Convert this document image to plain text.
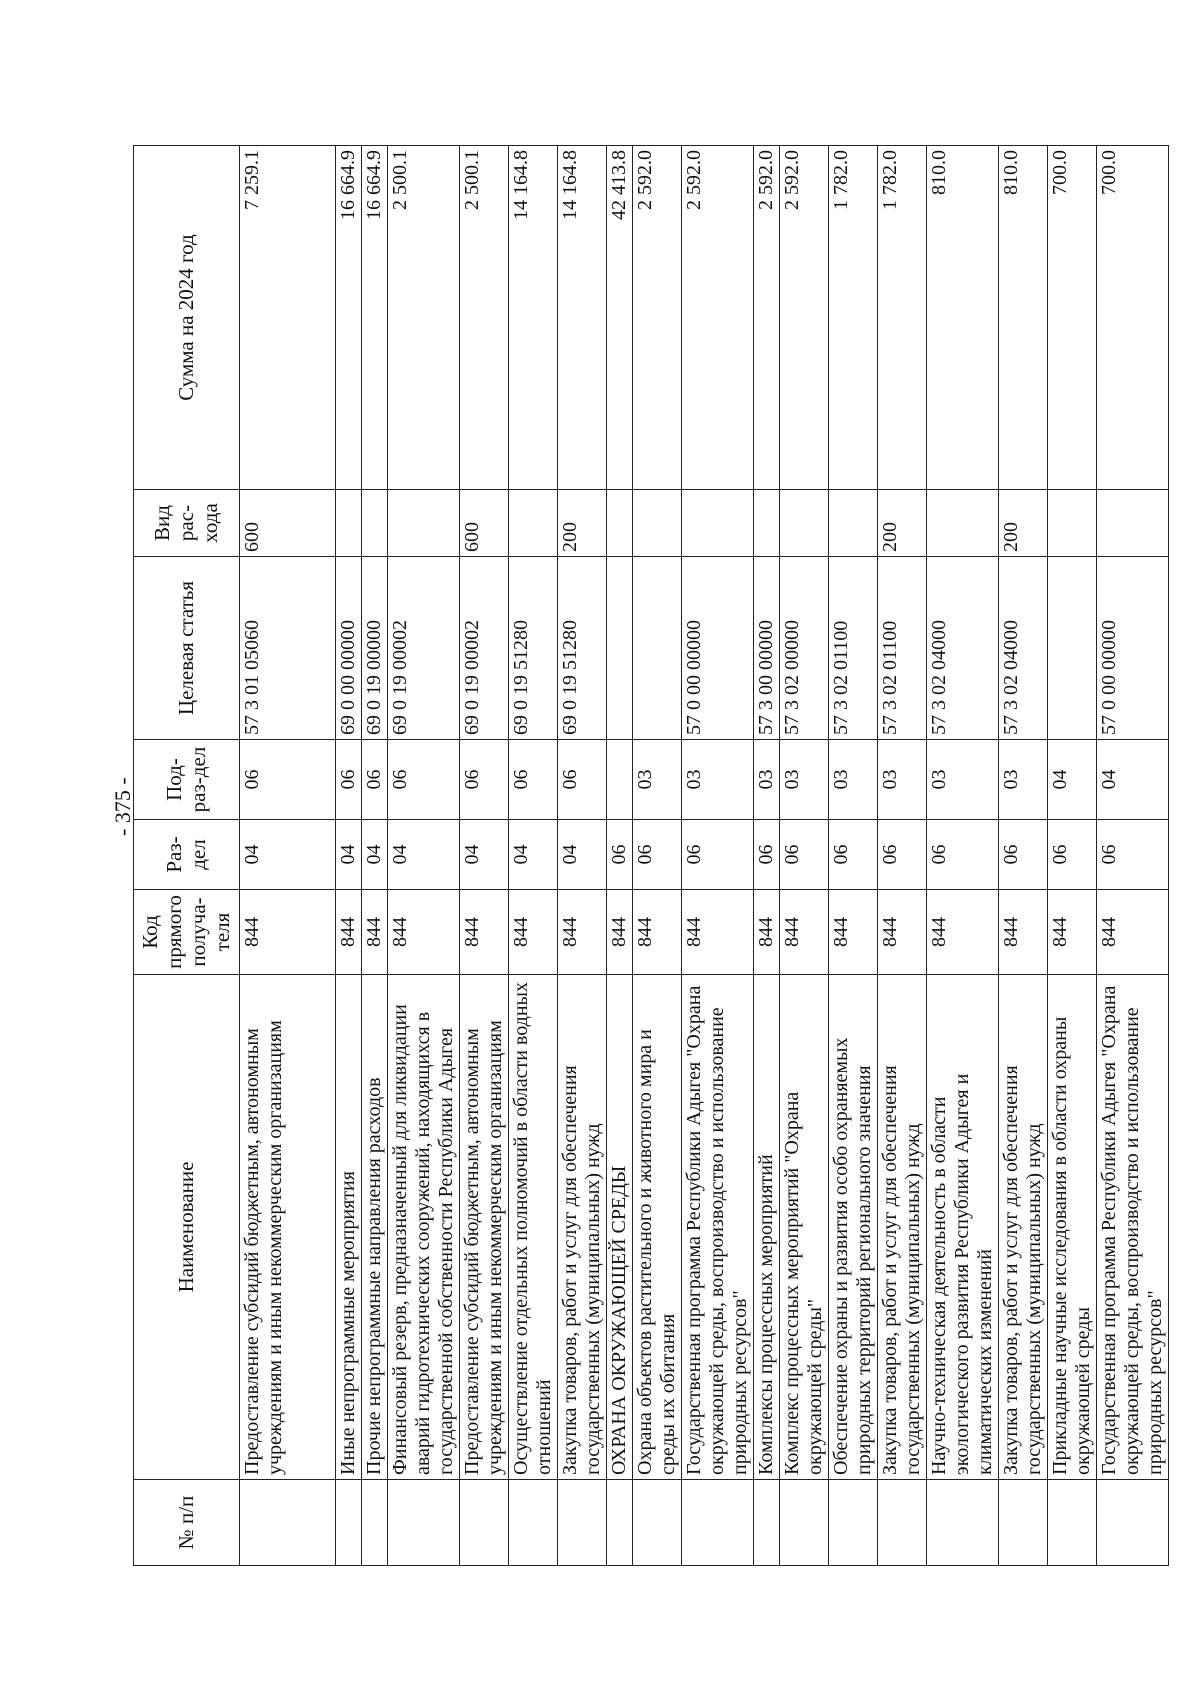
- 375 -
№ п/п	Наименование	Код прямого получа-теля	Раз-дел	Под-раз-дел	Целевая статья	Вид рас-хода	Сумма на 2024 год
	Предоставление субсидий бюджетным, автономным учреждениям и иным некоммерческим организациям	844	04	06	57 3 01 05060	600	7 259.1
	Иные непрограммные мероприятия	844	04	06	69 0 00 00000		16 664.9
	Прочие непрограммные направления расходов	844	04	06	69 0 19 00000		16 664.9
	Финансовый резерв, предназначенный для ликвидации аварий гидротехнических сооружений, находящихся в государственной собственности Республики Адыгея	844	04	06	69 0 19 00002		2 500.1
	Предоставление субсидий бюджетным, автономным учреждениям и иным некоммерческим организациям	844	04	06	69 0 19 00002	600	2 500.1
	Осуществление отдельных полномочий в области водных отношений	844	04	06	69 0 19 51280		14 164.8
	Закупка товаров, работ и услуг для обеспечения государственных (муниципальных) нужд	844	04	06	69 0 19 51280	200	14 164.8
	ОХРАНА ОКРУЖАЮЩЕЙ СРЕДЫ	844	06				42 413.8
	Охрана объектов растительного и животного мира и среды их обитания	844	06	03			2 592.0
	Государственная программа Республики Адыгея "Охрана окружающей среды, воспроизводство и использование природных ресурсов"	844	06	03	57 0 00 00000		2 592.0
	Комплексы процессных мероприятий	844	06	03	57 3 00 00000		2 592.0
	Комплекс процессных мероприятий "Охрана окружающей среды"	844	06	03	57 3 02 00000		2 592.0
	Обеспечение охраны и развития особо охраняемых природных территорий регионального значения	844	06	03	57 3 02 01100		1 782.0
	Закупка товаров, работ и услуг для обеспечения государственных (муниципальных) нужд	844	06	03	57 3 02 01100	200	1 782.0
	Научно-техническая деятельность в области экологического развития Республики Адыгея и климатических изменений	844	06	03	57 3 02 04000		810.0
	Закупка товаров, работ и услуг для обеспечения государственных (муниципальных) нужд	844	06	03	57 3 02 04000	200	810.0
	Прикладные научные исследования в области охраны окружающей среды	844	06	04			700.0
	Государственная программа Республики Адыгея "Охрана окружающей среды, воспроизводство и использование природных ресурсов"	844	06	04	57 0 00 00000		700.0
